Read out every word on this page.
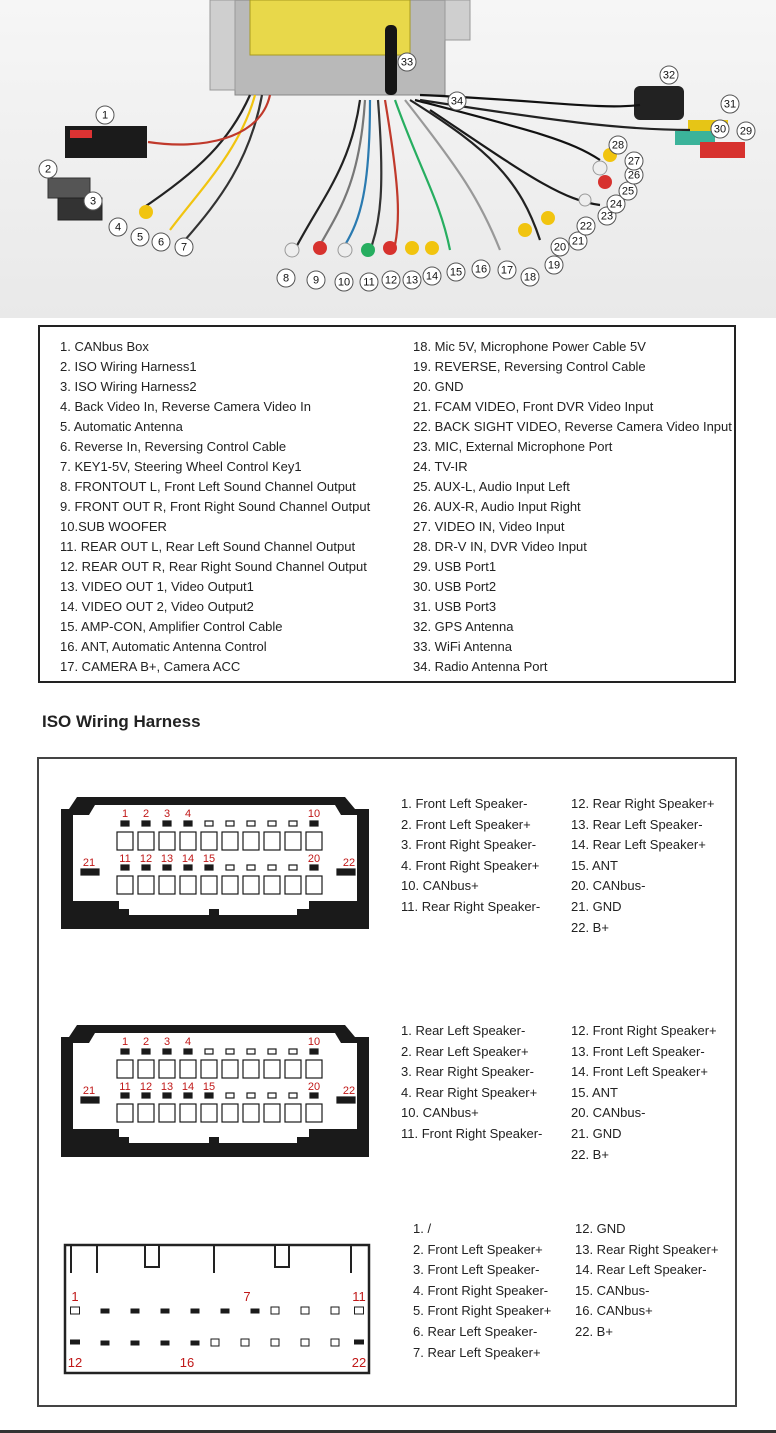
1
2
3
4
5 6 7
8 9 10 11 12 13 14 15 16 17
18
19
20 21
22
23
24
25
26
27
28
29
30
31
32
33
34
1. CANbus Box
2. ISO Wiring Harness1
3. ISO Wiring Harness2
4. Back Video In, Reverse Camera Video In
5. Automatic Antenna
6. Reverse In, Reversing Control Cable
7. KEY1-5V, Steering Wheel Control Key1
8. FRONTOUT L, Front Left Sound Channel Output
9. FRONT OUT R, Front Right Sound Channel Output
10.SUB WOOFER
11. REAR OUT L, Rear Left Sound Channel Output
12. REAR OUT R, Rear Right Sound Channel Output
13. VIDEO OUT 1, Video Output1
14. VIDEO OUT 2, Video Output2
15. AMP-CON, Amplifier Control Cable
16. ANT, Automatic Antenna Control
17. CAMERA B+, Camera ACC
18. Mic 5V, Microphone Power Cable 5V
19. REVERSE, Reversing Control Cable
20. GND
21. FCAM VIDEO, Front DVR Video Input
22. BACK SIGHT VIDEO, Reverse Camera Video Input
23. MIC, External Microphone Port
24. TV-IR
25. AUX-L, Audio Input Left
26. AUX-R, Audio Input Right
27. VIDEO IN, Video Input
28. DR-V IN, DVR Video Input
29. USB Port1
30. USB Port2
31. USB Port3
32. GPS Antenna
33. WiFi Antenna
34. Radio Antenna Port
ISO Wiring Harness
1 2 3 4	10
21 11 12 13 14 15	20 22
1. Front Left Speaker-
2. Front Left Speaker+
3. Front Right Speaker-
4. Front Right Speaker+
10. CANbus+
11. Rear Right Speaker-
12. Rear Right Speaker+
13. Rear Left Speaker-
14. Rear Left Speaker+
15. ANT
20. CANbus-
21. GND
22. B+
1 2 3 4	10
21 11 12 13 14 15	20 22
1. Rear Left Speaker-
2. Rear Left Speaker+
3. Rear Right Speaker-
4. Rear Right Speaker+
10. CANbus+
11. Front Right Speaker-
12. Front Right Speaker+
13. Front Left Speaker-
14. Front Left Speaker+
15. ANT
20. CANbus-
21. GND
22. B+
1	7	11
12	16	22
1. /
2. Front Left Speaker+
3. Front Left Speaker-
4. Front Right Speaker-
5. Front Right Speaker+
6. Rear Left Speaker-
7. Rear Left Speaker+
12. GND
13. Rear Right Speaker+
14. Rear Left Speaker-
15. CANbus-
16. CANbus+
22. B+
